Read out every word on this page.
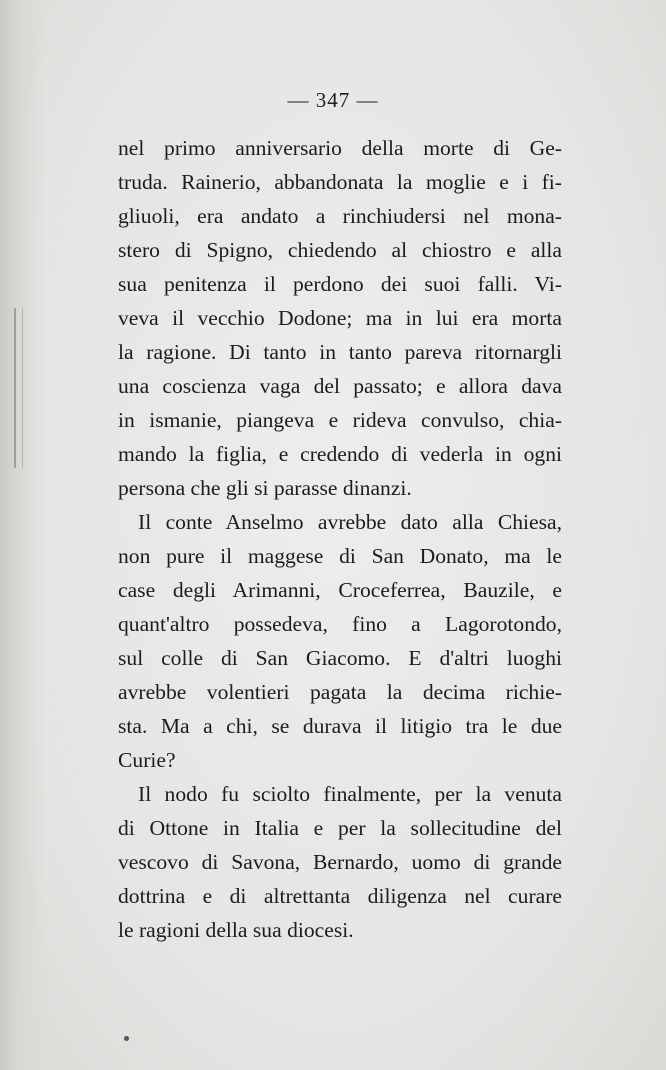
— 347 —
nel primo anniversario della morte di Ge-
truda. Rainerio, abbandonata la moglie e i fi-
gliuoli, era andato a rinchiudersi nel mona-
stero di Spigno, chiedendo al chiostro e alla
sua penitenza il perdono dei suoi falli. Vi-
veva il vecchio Dodone; ma in lui era morta
la ragione. Di tanto in tanto pareva ritornargli
una coscienza vaga del passato; e allora dava
in ismanie, piangeva e rideva convulso, chia-
mando la figlia, e credendo di vederla in ogni
persona che gli si parasse dinanzi.
Il conte Anselmo avrebbe dato alla Chiesa,
non pure il maggese di San Donato, ma le
case degli Arimanni, Croceferrea, Bauzile, e
quant'altro possedeva, fino a Lagorotondo,
sul colle di San Giacomo. E d'altri luoghi
avrebbe volentieri pagata la decima richie-
sta. Ma a chi, se durava il litigio tra le due
Curie?
Il nodo fu sciolto finalmente, per la venuta
di Ottone in Italia e per la sollecitudine del
vescovo di Savona, Bernardo, uomo di grande
dottrina e di altrettanta diligenza nel curare
le ragioni della sua diocesi.
